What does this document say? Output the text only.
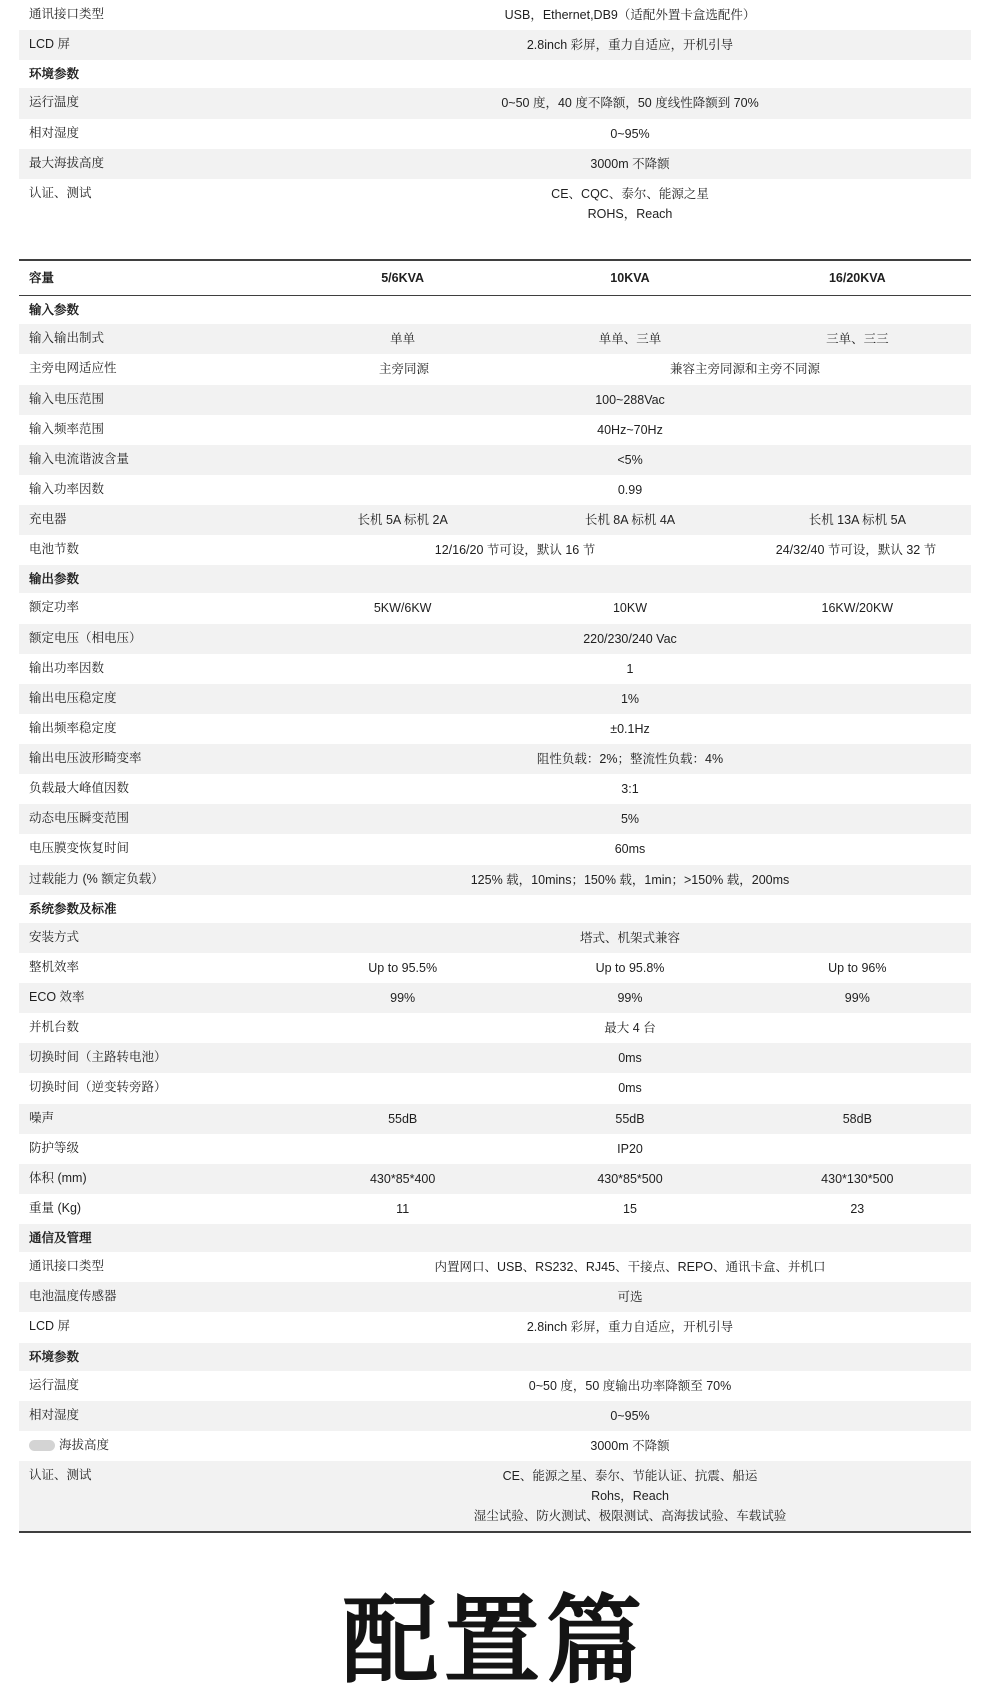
通讯接口类型	USB，Ethernet,DB9（适配外置卡盒选配件）
LCD 屏	2.8inch 彩屏，重力自适应，开机引导
环境参数
运行温度	0~50 度，40 度不降额，50 度线性降额到 70%
相对湿度	0~95%
最大海拔高度	3000m 不降额
认证、测试	CE、CQC、泰尔、能源之星
ROHS，Reach
容量	5/6KVA	10KVA	16/20KVA
输入参数
输入输出制式	单单	单单、三单	三单、三三
主旁电网适应性	主旁同源	兼容主旁同源和主旁不同源
输入电压范围	100~288Vac
输入频率范围	40Hz~70Hz
输入电流谐波含量	<5%
输入功率因数	0.99
充电器	长机 5A 标机 2A	长机 8A 标机 4A	长机 13A 标机 5A
电池节数	12/16/20 节可设，默认 16 节	24/32/40 节可设，默认 32 节
输出参数
额定功率	5KW/6KW	10KW	16KW/20KW
额定电压（相电压）	220/230/240 Vac
输出功率因数	1
输出电压稳定度	1%
输出频率稳定度	±0.1Hz
输出电压波形畸变率	阻性负载：2%；整流性负载：4%
负载最大峰值因数	3:1
动态电压瞬变范围	5%
电压膜变恢复时间	60ms
过载能力 (% 额定负载）	125% 载，10mins；150% 载，1min；>150% 载，200ms
系统参数及标准
安装方式	塔式、机架式兼容
整机效率	Up to 95.5%	Up to 95.8%	Up to 96%
ECO 效率	99%	99%	99%
并机台数	最大 4 台
切换时间（主路转电池）	0ms
切换时间（逆变转旁路）	0ms
噪声	55dB	55dB	58dB
防护等级	IP20
体积 (mm)	430*85*400	430*85*500	430*130*500
重量 (Kg)	11	15	23
通信及管理
通讯接口类型	内置网口、USB、RS232、RJ45、干接点、REPO、通讯卡盒、并机口
电池温度传感器	可选
LCD 屏	2.8inch 彩屏，重力自适应，开机引导
环境参数
运行温度	0~50 度，50 度输出功率降额至 70%
相对湿度	0~95%
海拔高度	3000m 不降额
认证、测试	CE、能源之星、泰尔、节能认证、抗震、船运
Rohs，Reach
湿尘试验、防火测试、极限测试、高海拔试验、车载试验
配置篇
